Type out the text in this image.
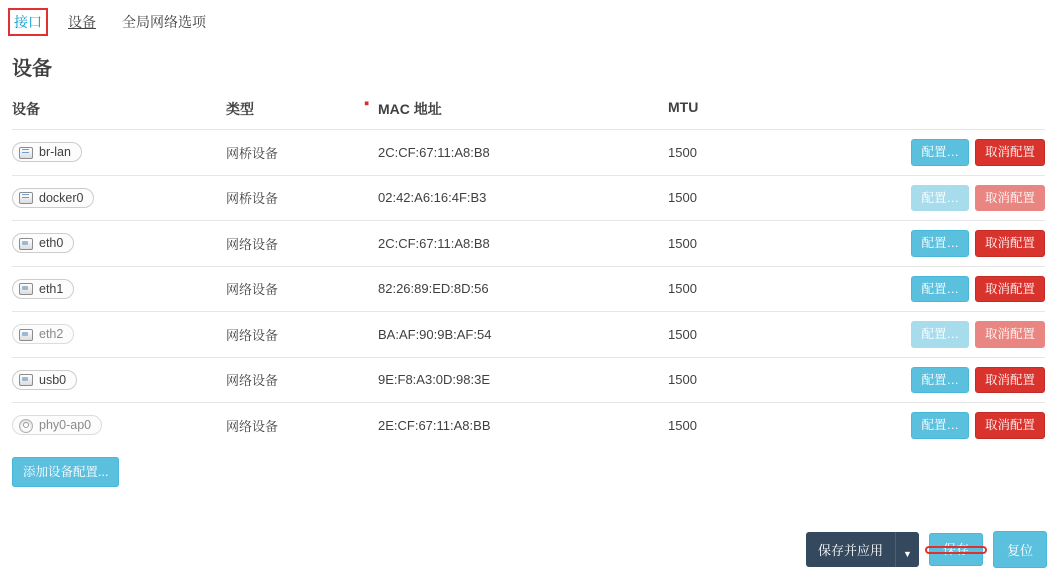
接口 设备 全局网络选项
设备
设备	类型 ▪	MAC 地址	MTU	

br-lan	网桥设备	2C:CF:67:11:A8:B8	1500	配置… 取消配置

docker0	网桥设备	02:42:A6:16:4F:B3	1500	配置… 取消配置

eth0	网络设备	2C:CF:67:11:A8:B8	1500	配置… 取消配置

eth1	网络设备	82:26:89:ED:8D:56	1500	配置… 取消配置

eth2	网络设备	BA:AF:90:9B:AF:54	1500	配置… 取消配置

usb0	网络设备	9E:F8:A3:0D:98:3E	1500	配置… 取消配置

phy0-ap0	网络设备	2E:CF:67:11:A8:BB	1500	配置… 取消配置
添加设备配置...
保存并应用	▼	保存	复位
